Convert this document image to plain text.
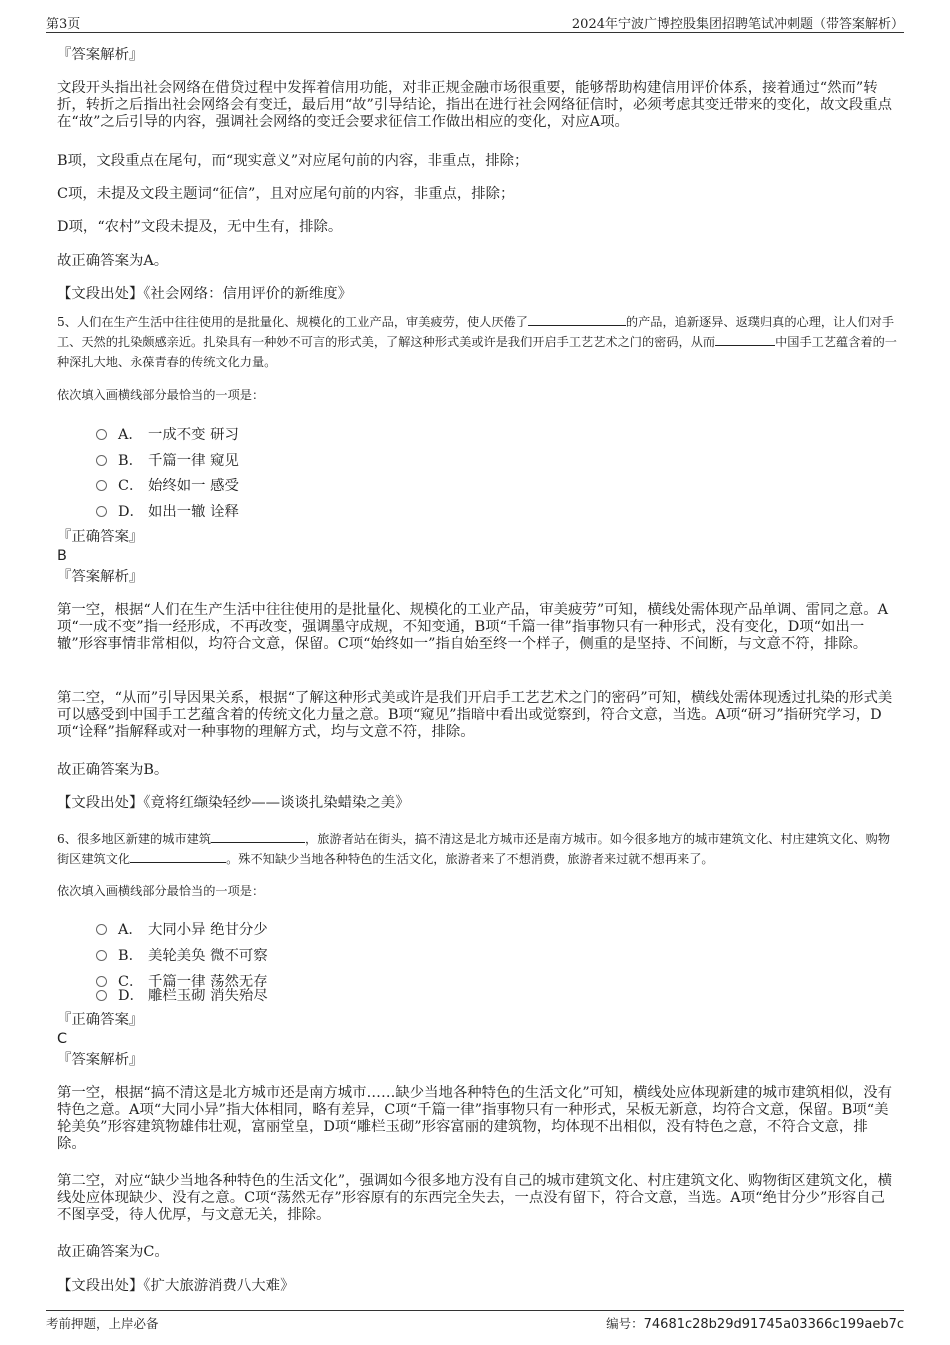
第3页	2024年宁波广博控股集团招聘笔试冲刺题（带答案解析）
『答案解析』
文段开头指出社会网络在借贷过程中发挥着信用功能，对非正规金融市场很重要，能够帮助构建信用评价体系，接着通过“然而”转折，转折之后指出社会网络会有变迁，最后用“故”引导结论，指出在进行社会网络征信时，必须考虑其变迁带来的变化，故文段重点在“故”之后引导的内容，强调社会网络的变迁会要求征信工作做出相应的变化，对应A项。
B项，文段重点在尾句，而“现实意义”对应尾句前的内容，非重点，排除；
C项，未提及文段主题词“征信”，且对应尾句前的内容，非重点，排除；
D项，“农村”文段未提及，无中生有，排除。
故正确答案为A。
【文段出处】《社会网络：信用评价的新维度》
5、人们在生产生活中往往使用的是批量化、规模化的工业产品，审美疲劳，使人厌倦了	的产品，追新逐异、返璞归真的心理，让人们对手工、天然的扎染颇感亲近。扎染具有一种妙不可言的形式美，了解这种形式美或许是我们开启手工艺艺术之门的密码，从而	中国手工艺蕴含着的一种深扎大地、永葆青春的传统文化力量。
依次填入画横线部分最恰当的一项是：
A． 一成不变 研习
B． 千篇一律 窥见
C． 始终如一 感受
D． 如出一辙 诠释
『正确答案』
B
『答案解析』
第一空，根据“人们在生产生活中往往使用的是批量化、规模化的工业产品，审美疲劳”可知，横线处需体现产品单调、雷同之意。A项“一成不变”指一经形成，不再改变，强调墨守成规，不知变通，B项“千篇一律”指事物只有一种形式，没有变化，D项“如出一辙”形容事情非常相似，均符合文意，保留。C项“始终如一”指自始至终一个样子，侧重的是坚持、不间断，与文意不符，排除。
第二空，“从而”引导因果关系，根据“了解这种形式美或许是我们开启手工艺艺术之门的密码”可知，横线处需体现透过扎染的形式美可以感受到中国手工艺蕴含着的传统文化力量之意。B项“窥见”指暗中看出或觉察到，符合文意，当选。A项“研习”指研究学习，D项“诠释”指解释或对一种事物的理解方式，均与文意不符，排除。
故正确答案为B。
【文段出处】《竟将红缬染轻纱——谈谈扎染蜡染之美》
6、很多地区新建的城市建筑	，旅游者站在街头，搞不清这是北方城市还是南方城市。如今很多地方的城市建筑文化、村庄建筑文化、购物街区建筑文化	。殊不知缺少当地各种特色的生活文化，旅游者来了不想消费，旅游者来过就不想再来了。
依次填入画横线部分最恰当的一项是：
A． 大同小异 绝甘分少
B． 美轮美奂 微不可察
C． 千篇一律 荡然无存
D． 雕栏玉砌 消失殆尽
『正确答案』
C
『答案解析』
第一空，根据“搞不清这是北方城市还是南方城市……缺少当地各种特色的生活文化”可知，横线处应体现新建的城市建筑相似，没有特色之意。A项“大同小异”指大体相同，略有差异，C项“千篇一律”指事物只有一种形式，呆板无新意，均符合文意，保留。B项“美轮美奂”形容建筑物雄伟壮观，富丽堂皇，D项“雕栏玉砌”形容富丽的建筑物，均体现不出相似，没有特色之意，不符合文意，排除。
第二空，对应“缺少当地各种特色的生活文化”，强调如今很多地方没有自己的城市建筑文化、村庄建筑文化、购物街区建筑文化，横线处应体现缺少、没有之意。C项“荡然无存”形容原有的东西完全失去，一点没有留下，符合文意，当选。A项“绝甘分少”形容自己不图享受，待人优厚，与文意无关，排除。
故正确答案为C。
【文段出处】《扩大旅游消费八大难》
考前押题，上岸必备	编号：74681c28b29d91745a03366c199aeb7c
